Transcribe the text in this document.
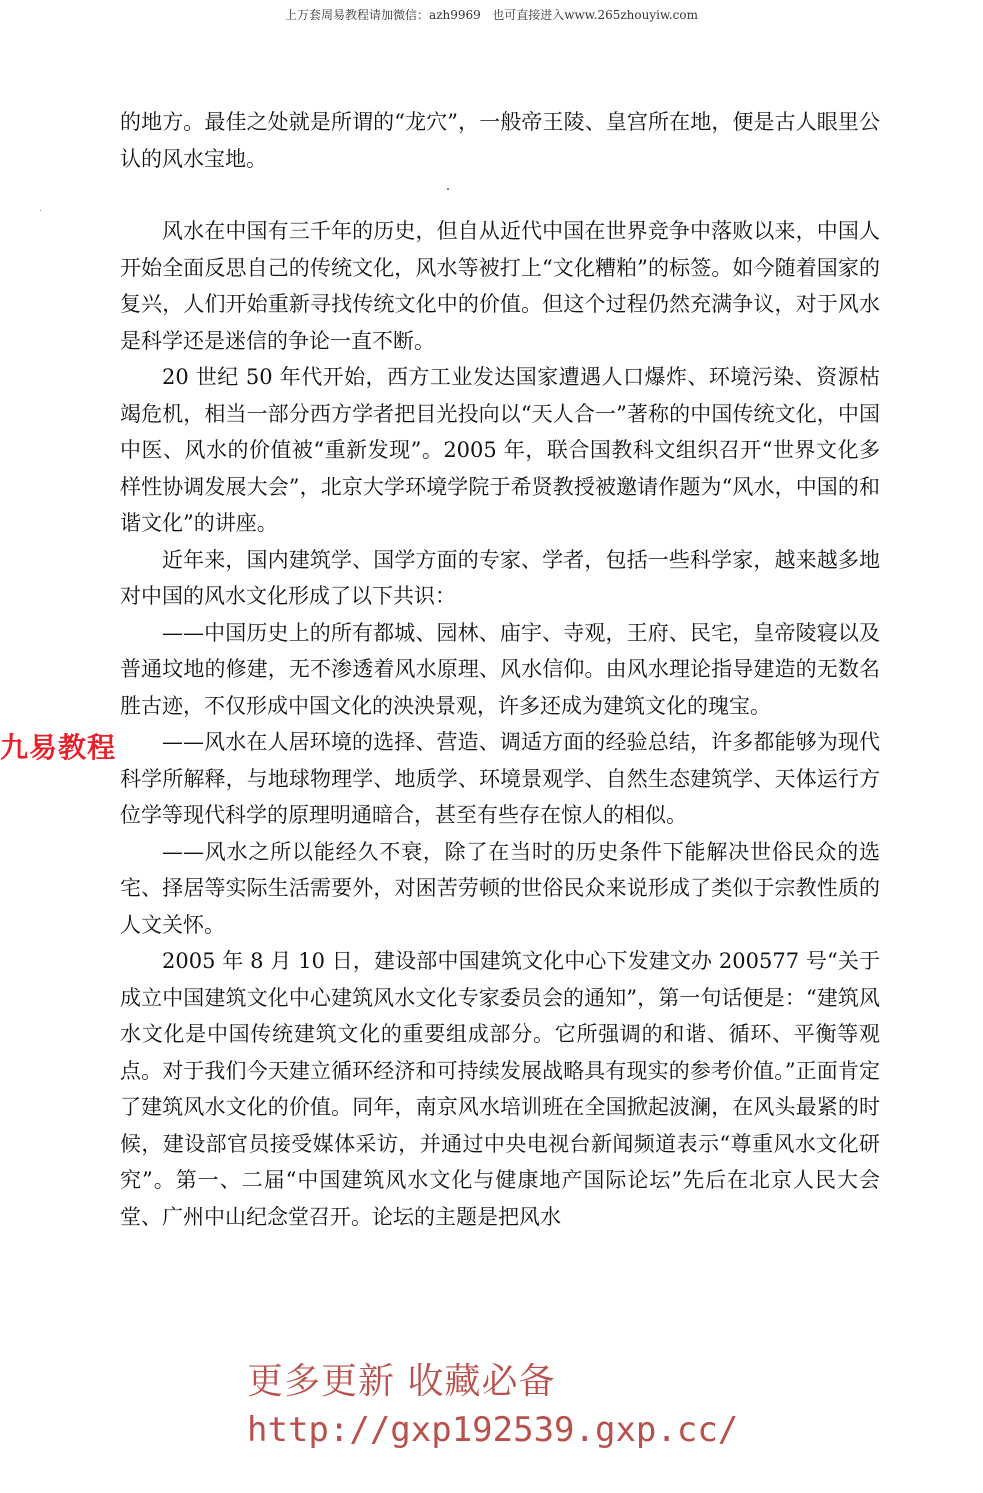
上万套周易教程请加微信：azh9969   也可直接进入www.265zhouyiw.com

的地方。最佳之处就是所谓的“龙穴”，一般帝王陵、皇宫所在地，便是古人眼里公认的风水宝地。

风水在中国有三千年的历史，但自从近代中国在世界竞争中落败以来，中国人开始全面反思自己的传统文化，风水等被打上“文化糟粕”的标签。如今随着国家的复兴，人们开始重新寻找传统文化中的价值。但这个过程仍然充满争议，对于风水是科学还是迷信的争论一直不断。

20 世纪 50 年代开始，西方工业发达国家遭遇人口爆炸、环境污染、资源枯竭危机，相当一部分西方学者把目光投向以“天人合一”著称的中国传统文化，中国中医、风水的价值被“重新发现”。2005 年，联合国教科文组织召开“世界文化多样性协调发展大会”，北京大学环境学院于希贤教授被邀请作题为“风水，中国的和谐文化”的讲座。

近年来，国内建筑学、国学方面的专家、学者，包括一些科学家，越来越多地对中国的风水文化形成了以下共识：

——中国历史上的所有都城、园林、庙宇、寺观，王府、民宅，皇帝陵寝以及普通坟地的修建，无不渗透着风水原理、风水信仰。由风水理论指导建造的无数名胜古迹，不仅形成中国文化的泱泱景观，许多还成为建筑文化的瑰宝。

——风水在人居环境的选择、营造、调适方面的经验总结，许多都能够为现代科学所解释，与地球物理学、地质学、环境景观学、自然生态建筑学、天体运行方位学等现代科学的原理明通暗合，甚至有些存在惊人的相似。

——风水之所以能经久不衰，除了在当时的历史条件下能解决世俗民众的选宅、择居等实际生活需要外，对困苦劳顿的世俗民众来说形成了类似于宗教性质的人文关怀。

2005 年 8 月 10 日，建设部中国建筑文化中心下发建文办 200577 号“关于成立中国建筑文化中心建筑风水文化专家委员会的通知”，第一句话便是：“建筑风水文化是中国传统建筑文化的重要组成部分。它所强调的和谐、循环、平衡等观点。对于我们今天建立循环经济和可持续发展战略具有现实的参考价值。”正面肯定了建筑风水文化的价值。同年，南京风水培训班在全国掀起波澜，在风头最紧的时候，建设部官员接受媒体采访，并通过中央电视台新闻频道表示“尊重风水文化研究”。第一、二届“中国建筑风水文化与健康地产国际论坛”先后在北京人民大会堂、广州中山纪念堂召开。论坛的主题是把风水

九易教程
更多更新 收藏必备
http://gxp192539.gxp.cc/
